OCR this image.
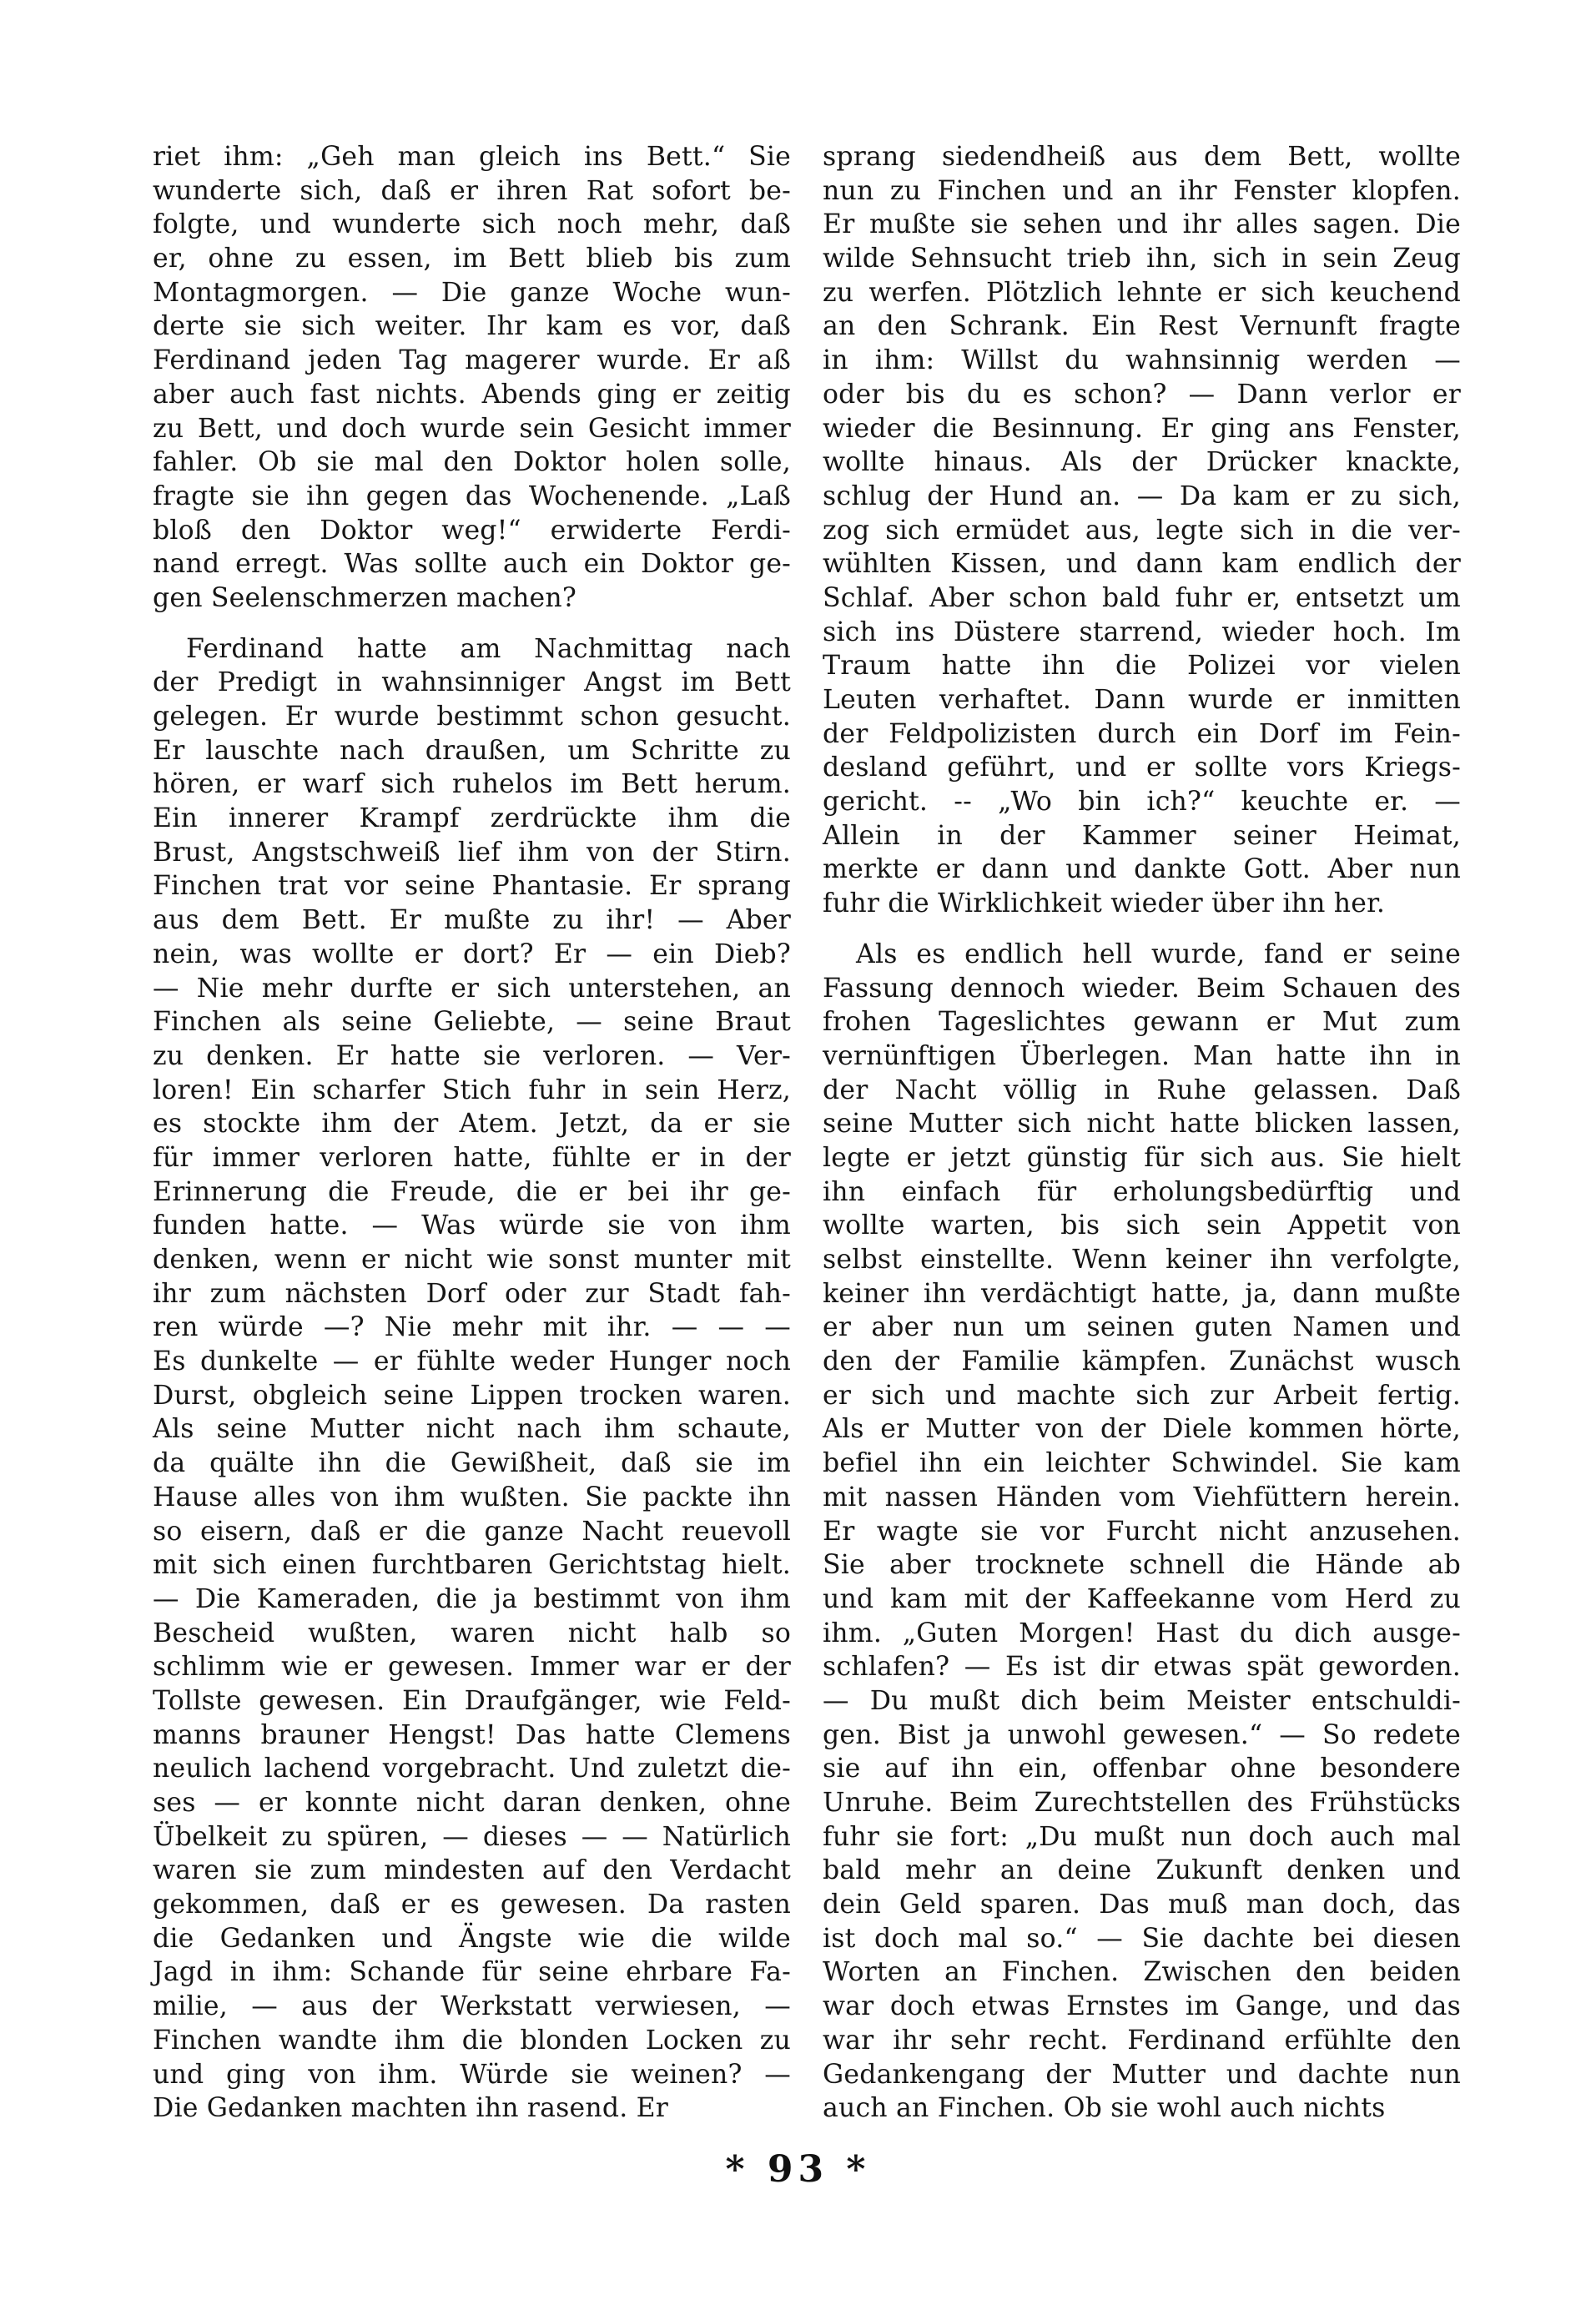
riet ihm: „Geh man gleich ins Bett.“ Sie
wunderte sich, daß er ihren Rat sofort be-
folgte, und wunderte sich noch mehr, daß
er, ohne zu essen, im Bett blieb bis zum
Montagmorgen. — Die ganze Woche wun-
derte sie sich weiter. Ihr kam es vor, daß
Ferdinand jeden Tag magerer wurde. Er aß
aber auch fast nichts. Abends ging er zeitig
zu Bett, und doch wurde sein Gesicht immer
fahler. Ob sie mal den Doktor holen solle,
fragte sie ihn gegen das Wochenende. „Laß
bloß den Doktor weg!“ erwiderte Ferdi-
nand erregt. Was sollte auch ein Doktor ge-
gen Seelenschmerzen machen?
Ferdinand hatte am Nachmittag nach
der Predigt in wahnsinniger Angst im Bett
gelegen. Er wurde bestimmt schon gesucht.
Er lauschte nach draußen, um Schritte zu
hören, er warf sich ruhelos im Bett herum.
Ein innerer Krampf zerdrückte ihm die
Brust, Angstschweiß lief ihm von der Stirn.
Finchen trat vor seine Phantasie. Er sprang
aus dem Bett. Er mußte zu ihr! — Aber
nein, was wollte er dort? Er — ein Dieb?
— Nie mehr durfte er sich unterstehen, an
Finchen als seine Geliebte, — seine Braut
zu denken. Er hatte sie verloren. — Ver-
loren! Ein scharfer Stich fuhr in sein Herz,
es stockte ihm der Atem. Jetzt, da er sie
für immer verloren hatte, fühlte er in der
Erinnerung die Freude, die er bei ihr ge-
funden hatte. — Was würde sie von ihm
denken, wenn er nicht wie sonst munter mit
ihr zum nächsten Dorf oder zur Stadt fah-
ren würde —? Nie mehr mit ihr. — — —
Es dunkelte — er fühlte weder Hunger noch
Durst, obgleich seine Lippen trocken waren.
Als seine Mutter nicht nach ihm schaute,
da quälte ihn die Gewißheit, daß sie im
Hause alles von ihm wußten. Sie packte ihn
so eisern, daß er die ganze Nacht reuevoll
mit sich einen furchtbaren Gerichtstag hielt.
— Die Kameraden, die ja bestimmt von ihm
Bescheid wußten, waren nicht halb so
schlimm wie er gewesen. Immer war er der
Tollste gewesen. Ein Draufgänger, wie Feld-
manns brauner Hengst! Das hatte Clemens
neulich lachend vorgebracht. Und zuletzt die-
ses — er konnte nicht daran denken, ohne
Übelkeit zu spüren, — dieses — — Natürlich
waren sie zum mindesten auf den Verdacht
gekommen, daß er es gewesen. Da rasten
die Gedanken und Ängste wie die wilde
Jagd in ihm: Schande für seine ehrbare Fa-
milie, — aus der Werkstatt verwiesen, —
Finchen wandte ihm die blonden Locken zu
und ging von ihm. Würde sie weinen? —
Die Gedanken machten ihn rasend. Er
sprang siedendheiß aus dem Bett, wollte
nun zu Finchen und an ihr Fenster klopfen.
Er mußte sie sehen und ihr alles sagen. Die
wilde Sehnsucht trieb ihn, sich in sein Zeug
zu werfen. Plötzlich lehnte er sich keuchend
an den Schrank. Ein Rest Vernunft fragte
in ihm: Willst du wahnsinnig werden —
oder bis du es schon? — Dann verlor er
wieder die Besinnung. Er ging ans Fenster,
wollte hinaus. Als der Drücker knackte,
schlug der Hund an. — Da kam er zu sich,
zog sich ermüdet aus, legte sich in die ver-
wühlten Kissen, und dann kam endlich der
Schlaf. Aber schon bald fuhr er, entsetzt um
sich ins Düstere starrend, wieder hoch. Im
Traum hatte ihn die Polizei vor vielen
Leuten verhaftet. Dann wurde er inmitten
der Feldpolizisten durch ein Dorf im Fein-
desland geführt, und er sollte vors Kriegs-
gericht. -- „Wo bin ich?“ keuchte er. —
Allein in der Kammer seiner Heimat,
merkte er dann und dankte Gott. Aber nun
fuhr die Wirklichkeit wieder über ihn her.
Als es endlich hell wurde, fand er seine
Fassung dennoch wieder. Beim Schauen des
frohen Tageslichtes gewann er Mut zum
vernünftigen Überlegen. Man hatte ihn in
der Nacht völlig in Ruhe gelassen. Daß
seine Mutter sich nicht hatte blicken lassen,
legte er jetzt günstig für sich aus. Sie hielt
ihn einfach für erholungsbedürftig und
wollte warten, bis sich sein Appetit von
selbst einstellte. Wenn keiner ihn verfolgte,
keiner ihn verdächtigt hatte, ja, dann mußte
er aber nun um seinen guten Namen und
den der Familie kämpfen. Zunächst wusch
er sich und machte sich zur Arbeit fertig.
Als er Mutter von der Diele kommen hörte,
befiel ihn ein leichter Schwindel. Sie kam
mit nassen Händen vom Viehfüttern herein.
Er wagte sie vor Furcht nicht anzusehen.
Sie aber trocknete schnell die Hände ab
und kam mit der Kaffeekanne vom Herd zu
ihm. „Guten Morgen! Hast du dich ausge-
schlafen? — Es ist dir etwas spät geworden.
— Du mußt dich beim Meister entschuldi-
gen. Bist ja unwohl gewesen.“ — So redete
sie auf ihn ein, offenbar ohne besondere
Unruhe. Beim Zurechtstellen des Frühstücks
fuhr sie fort: „Du mußt nun doch auch mal
bald mehr an deine Zukunft denken und
dein Geld sparen. Das muß man doch, das
ist doch mal so.“ — Sie dachte bei diesen
Worten an Finchen. Zwischen den beiden
war doch etwas Ernstes im Gange, und das
war ihr sehr recht. Ferdinand erfühlte den
Gedankengang der Mutter und dachte nun
auch an Finchen. Ob sie wohl auch nichts
* 93 *
